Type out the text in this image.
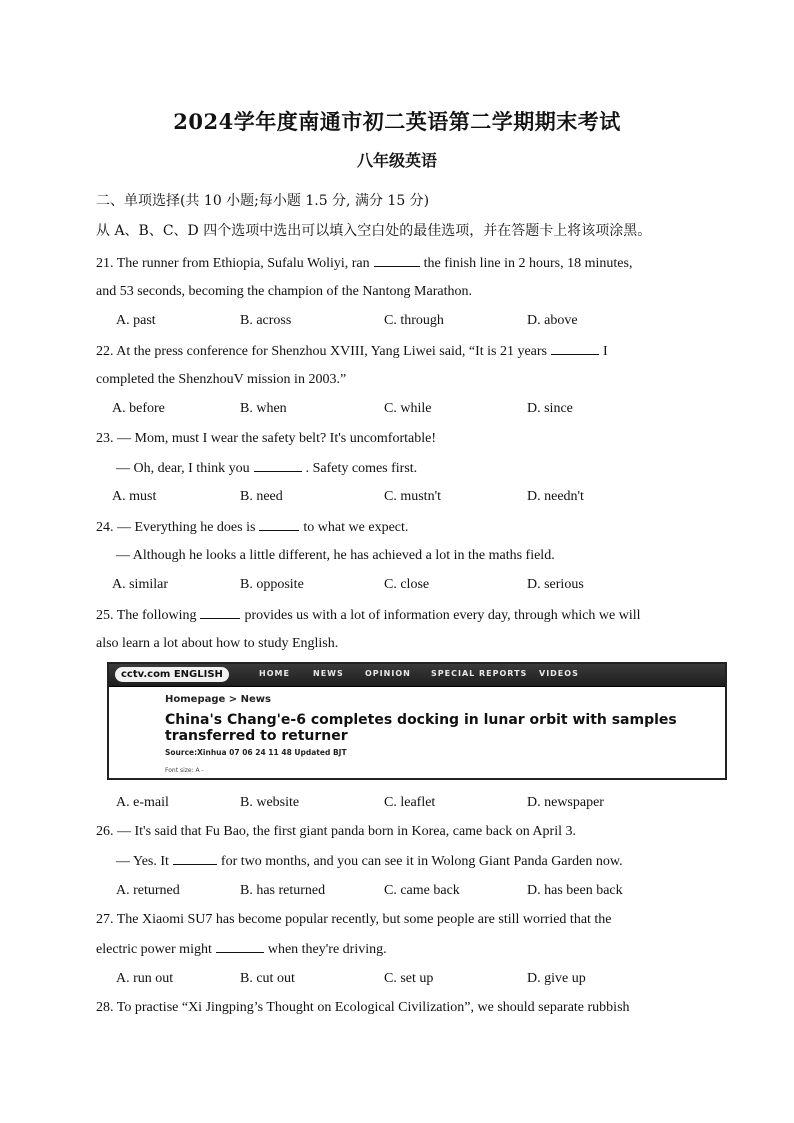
2024学年度南通市初二英语第二学期期末考试
八年级英语
二、单项选择(共 10 小题;每小题 1.5 分, 满分 15 分)
从 A、B、C、D 四个选项中选出可以填入空白处的最佳选项，并在答题卡上将该项涂黑。
21. The runner from Ethiopia, Sufalu Woliyi, ran	the finish line in 2 hours, 18 minutes,
and 53 seconds, becoming the champion of the Nantong Marathon.
A. past	B. across	C. through	D. above
22. At the press conference for Shenzhou XVIII, Yang Liwei said, “It is 21 years	I
completed the ShenzhouV mission in 2003.”
A. before	B. when	C. while	D. since
23. — Mom, must I wear the safety belt? It's uncomfortable!
— Oh, dear, I think you	. Safety comes first.
A. must	B. need	C. mustn't	D. needn't
24. — Everything he does is	to what we expect.
— Although he looks a little different, he has achieved a lot in the maths field.
A. similar	B. opposite	C. close	D. serious
25. The following	provides us with a lot of information every day, through which we will
also learn a lot about how to study English.
cctv.com ENGLISH	HOME	NEWS	OPINION	SPECIAL REPORTS VIDEOS
Homepage > News
China's Chang'e-6 completes docking in lunar orbit with samples transferred to returner
Source:Xinhua 07 06 24 11 48 Updated BJT
Font size: A -
A. e-mail	B. website	C. leaflet	D. newspaper
26. — It's said that Fu Bao, the first giant panda born in Korea, came back on April 3.
— Yes. It	for two months, and you can see it in Wolong Giant Panda Garden now.
A. returned	B. has returned	C. came back	D. has been back
27. The Xiaomi SU7 has become popular recently, but some people are still worried that the
electric power might	when they're driving.
A. run out	B. cut out	C. set up	D. give up
28. To practise “Xi Jingping’s Thought on Ecological Civilization”, we should separate rubbish
